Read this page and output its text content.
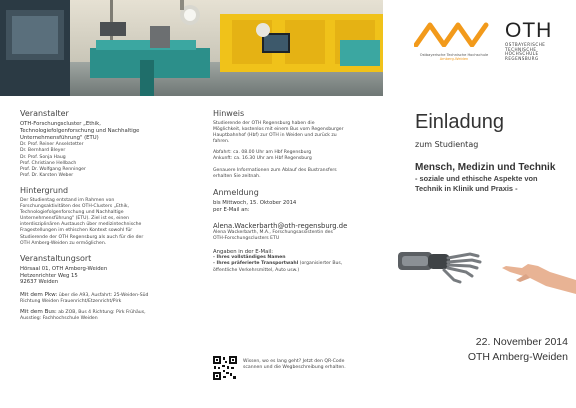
Ostbayerische Technische Hochschule
Amberg-Weiden
OTH
OSTBAYERISCHE
TECHNISCHE
HOCHSCHULE
REGENSBURG
Veranstalter
OTH-Forschungscluster „Ethik,
Technologiefolgenforschung und Nachhaltige
Unternehmensführung" (ETU)
Dr. Prof. Reiner Anselstetter
Dr. Bernhard Bleyer
Dr. Prof. Sonja Haug
Prof. Christiane Hellbach
Prof. Dr. Wolfgang Renninger
Prof. Dr. Karsten Weber
Hintergrund
Der Studientag entstand im Rahmen von
Forschungsaktivitäten des OTH-Clusters „Ethik,
Technologiefolgenforschung und Nachhaltige
Unternehmensführung" (ETU). Ziel ist es, einen
interdisziplinären Austausch über medizintechnische
Fragestellungen im ethischen Kontext sowohl für
Studierende der OTH Regensburg als auch für die der
OTH Amberg-Weiden zu ermöglichen.
Veranstaltungsort
Hörsaal 01, OTH Amberg-Weiden
Hetzenrichter Weg 15
92637 Weiden
Mit dem Pkw: über die A93, Ausfahrt: 25-Weiden-Süd
Richtung Weiden Frauenricht/Etzenricht/Pirk
Mit dem Bus: ab ZOB, Bus 4 Richtung: Pirk Frühäus,
Ausstieg: Fachhochschule Weiden
Hinweis
Studierende der OTH Regensburg haben die
Möglichkeit, kostenlos mit einem Bus vom Regensburger
Hauptbahnhof (Hbf) zur OTH in Weiden und zurück zu
fahren.
Abfahrt: ca. 08.00 Uhr am Hbf Regensburg
Ankunft: ca. 16.30 Uhr am Hbf Regensburg
Genauere Informationen zum Ablauf des Bustransfers
erhalten Sie zeitnah.
Anmeldung
bis Mittwoch, 15. Oktober 2014
per E-Mail an:
Alena.Wackerbarth@oth-regensburg.de
Alena Wackerbarth, M.A., Forschungsassistentin des
OTH-Forschungsclusters ETU
Angaben in der E-Mail:
- Ihres vollständiges Namen
- Ihres präferierte Transportwahl (organisierter Bus,
öffentliche Verkehrsmittel, Auto usw.)
Wissen, wo es lang geht? Jetzt den QR-Code
scannen und die Wegbeschreibung erhalten.
Einladung
zum Studientag
Mensch, Medizin und Technik
- soziale und ethische Aspekte von
Technik in Klinik und Praxis -
22. November 2014
OTH Amberg-Weiden
